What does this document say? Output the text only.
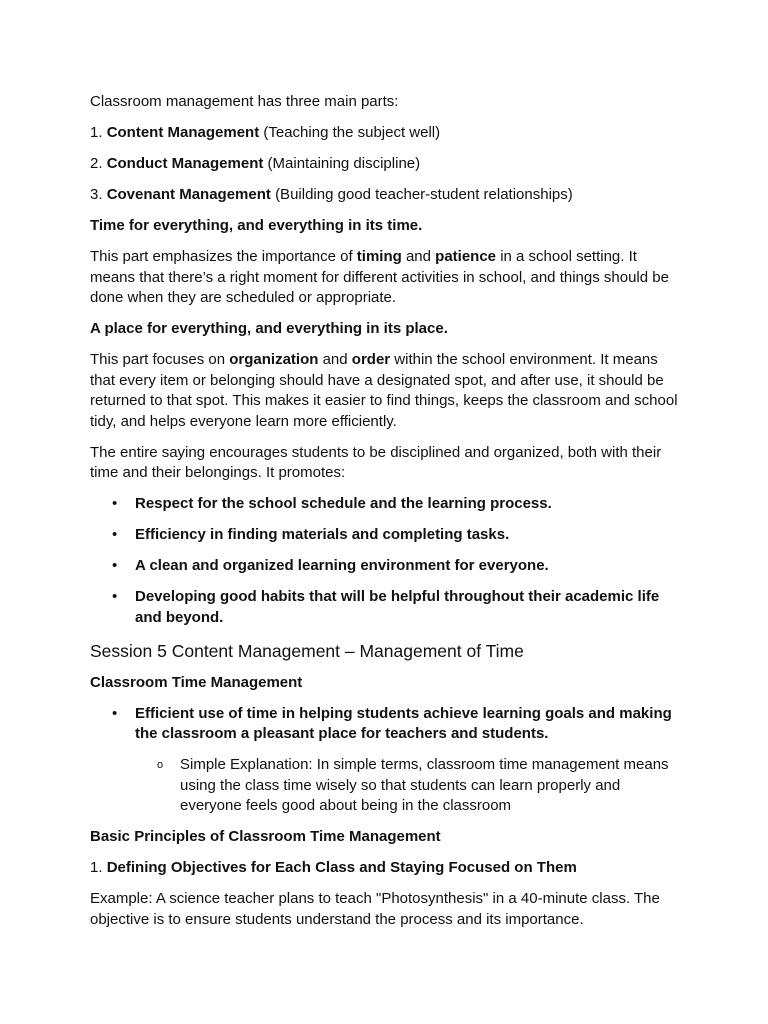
Classroom management has three main parts:

1. Content Management (Teaching the subject well)

2. Conduct Management (Maintaining discipline)

3. Covenant Management (Building good teacher-student relationships)

Time for everything, and everything in its time.

This part emphasizes the importance of timing and patience in a school setting. It means that there’s a right moment for different activities in school, and things should be done when they are scheduled or appropriate.

A place for everything, and everything in its place.

This part focuses on organization and order within the school environment. It means that every item or belonging should have a designated spot, and after use, it should be returned to that spot. This makes it easier to find things, keeps the classroom and school tidy, and helps everyone learn more efficiently.

The entire saying encourages students to be disciplined and organized, both with their time and their belongings. It promotes:

• Respect for the school schedule and the learning process.
• Efficiency in finding materials and completing tasks.
• A clean and organized learning environment for everyone.
• Developing good habits that will be helpful throughout their academic life and beyond.
Session 5 Content Management – Management of Time

Classroom Time Management

• Efficient use of time in helping students achieve learning goals and making the classroom a pleasant place for teachers and students.
o Simple Explanation: In simple terms, classroom time management means using the class time wisely so that students can learn properly and everyone feels good about being in the classroom

Basic Principles of Classroom Time Management

1. Defining Objectives for Each Class and Staying Focused on Them

Example: A science teacher plans to teach "Photosynthesis" in a 40-minute class. The objective is to ensure students understand the process and its importance.
